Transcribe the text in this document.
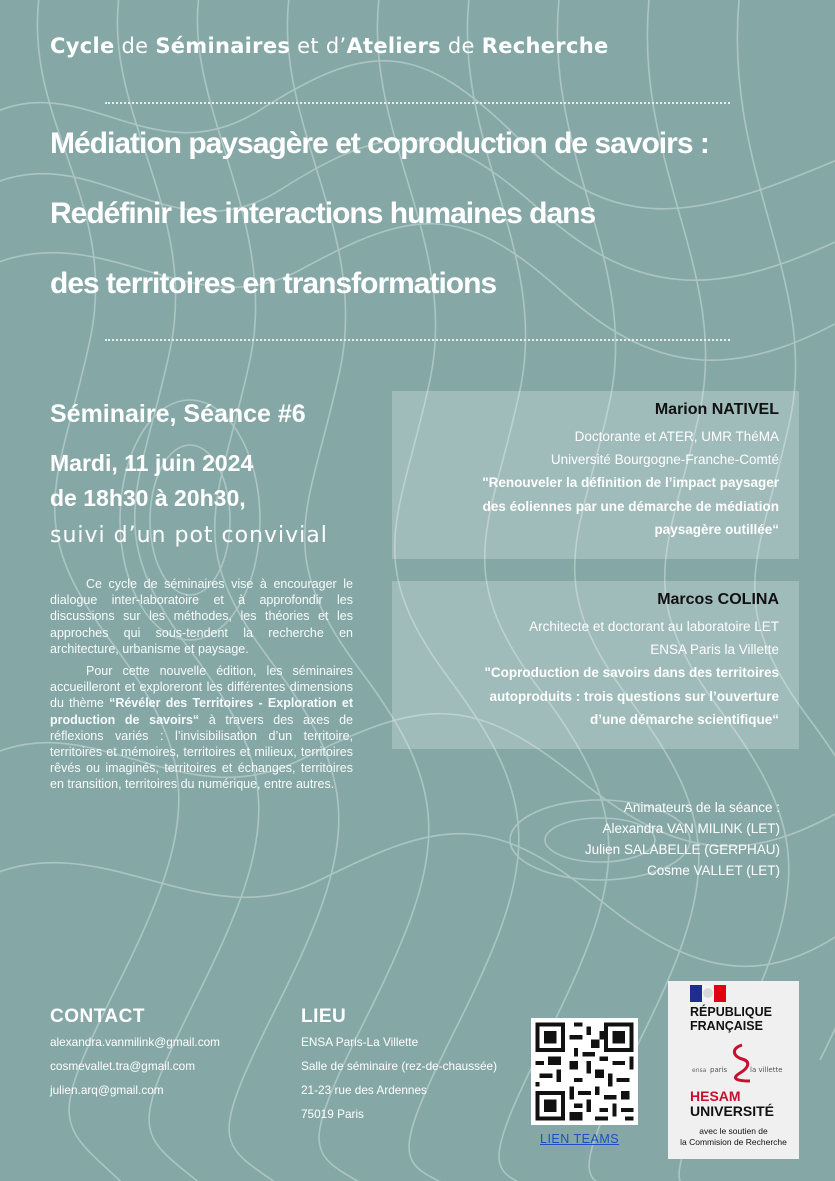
Cycle de Séminaires et d’Ateliers de Recherche
Médiation paysagère et coproduction de savoirs :
Redéfinir les interactions humaines dans
des territoires en transformations
Séminaire, Séance #6
Mardi, 11 juin 2024
de 18h30 à 20h30,
suivi d’un pot convivial

Ce cycle de séminaires vise à encourager le dialogue inter-laboratoire et à approfondir les discussions sur les méthodes, les théories et les approches qui sous-tendent la recherche en architecture, urbanisme et paysage.

Pour cette nouvelle édition, les séminaires accueilleront et exploreront les différentes dimensions du thème “Révéler des Territoires - Exploration et production de savoirs“ à travers des axes de réflexions variés : l’invisibilisation d’un territoire, territoires et mémoires, territoires et milieux, territoires rêvés ou imaginés, territoires et échanges, territoires en transition, territoires du numérique, entre autres.

Marion NATIVEL
Doctorante et ATER, UMR ThéMA
Université Bourgogne-Franche-Comté
"Renouveler la définition de l’impact paysager
des éoliennes par une démarche de médiation
paysagère outillée“
Marcos COLINA
Architecte et doctorant au laboratoire LET
ENSA Paris la Villette
"Coproduction de savoirs dans des territoires
autoproduits : trois questions sur l’ouverture
d’une démarche scientifique“
Animateurs de la séance :
Alexandra VAN MILINK (LET)
Julien SALABELLE (GERPHAU)
Cosme VALLET (LET)
CONTACT
alexandra.vanmilink@gmail.com
cosmevallet.tra@gmail.com
julien.arq@gmail.com
LIEU
ENSA Paris-La Villette
Salle de séminaire (rez-de-chaussée)
21-23 rue des Ardennes
75019 Paris
LIEN TEAMS
RÉPUBLIQUE
FRANÇAISE
ensa paris	la villette
HESAM
UNIVERSITÉ
avec le soutien de
la Commision de Recherche
